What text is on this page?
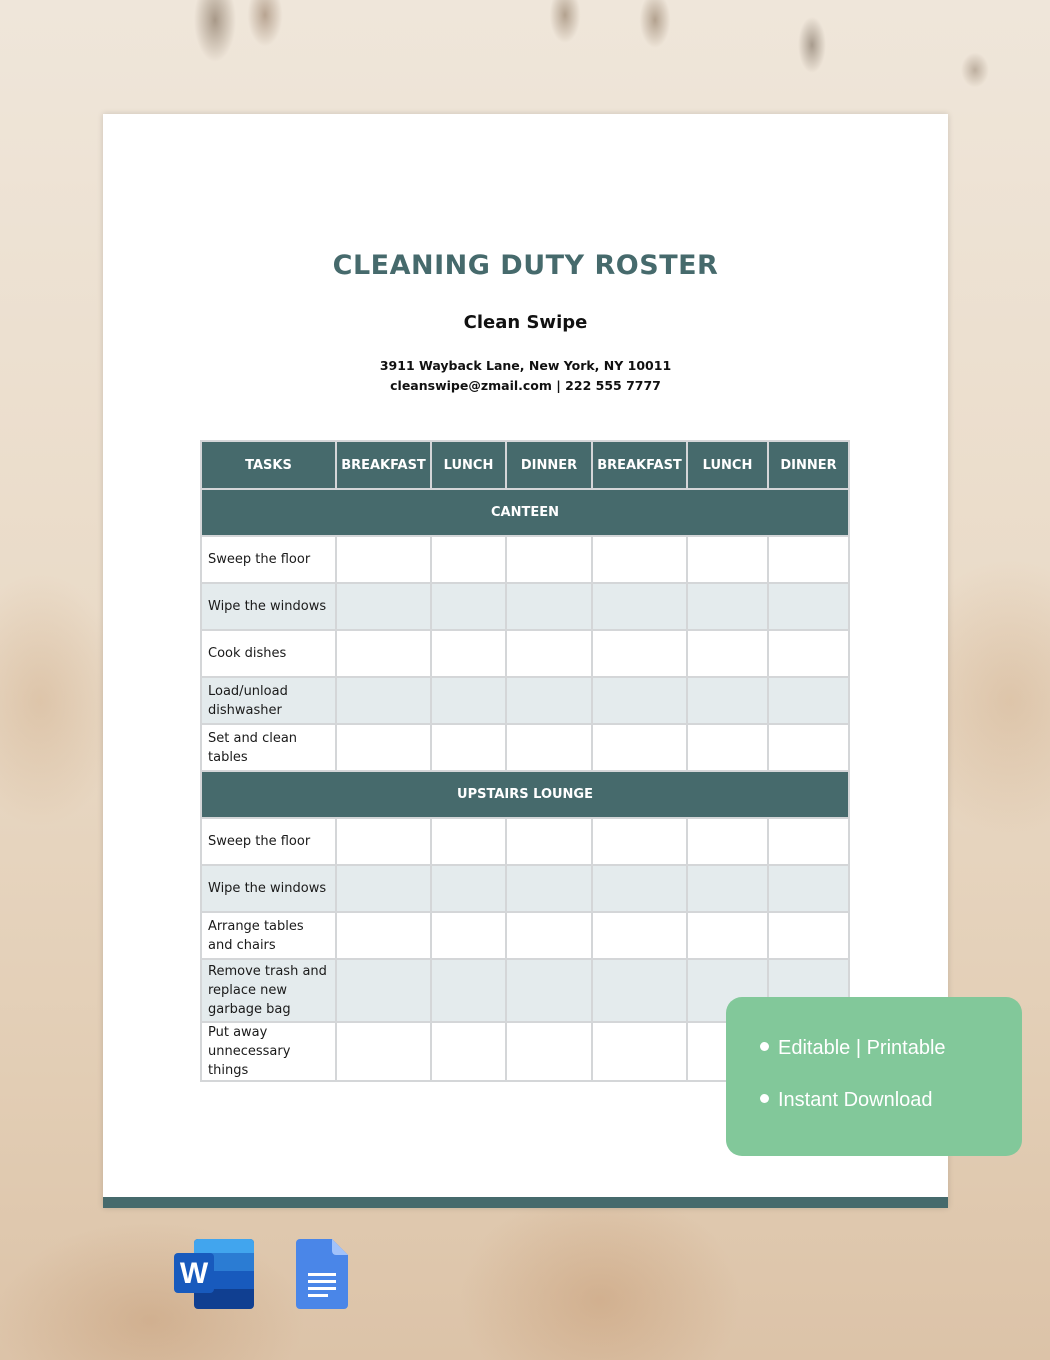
CLEANING DUTY ROSTER
Clean Swipe
3911 Wayback Lane, New York, NY 10011
cleanswipe@zmail.com | 222 555 7777
TASKS	BREAKFAST	LUNCH	DINNER	BREAKFAST	LUNCH	DINNER
CANTEEN						
Sweep the floor						
Wipe the windows						
Cook dishes						
Load/unload dishwasher						
Set and clean tables						
UPSTAIRS LOUNGE						
Sweep the floor						
Wipe the windows						
Arrange tables and chairs						
Remove trash and replace new garbage bag						
Put away unnecessary things						
Editable | Printable
Instant Download
W
